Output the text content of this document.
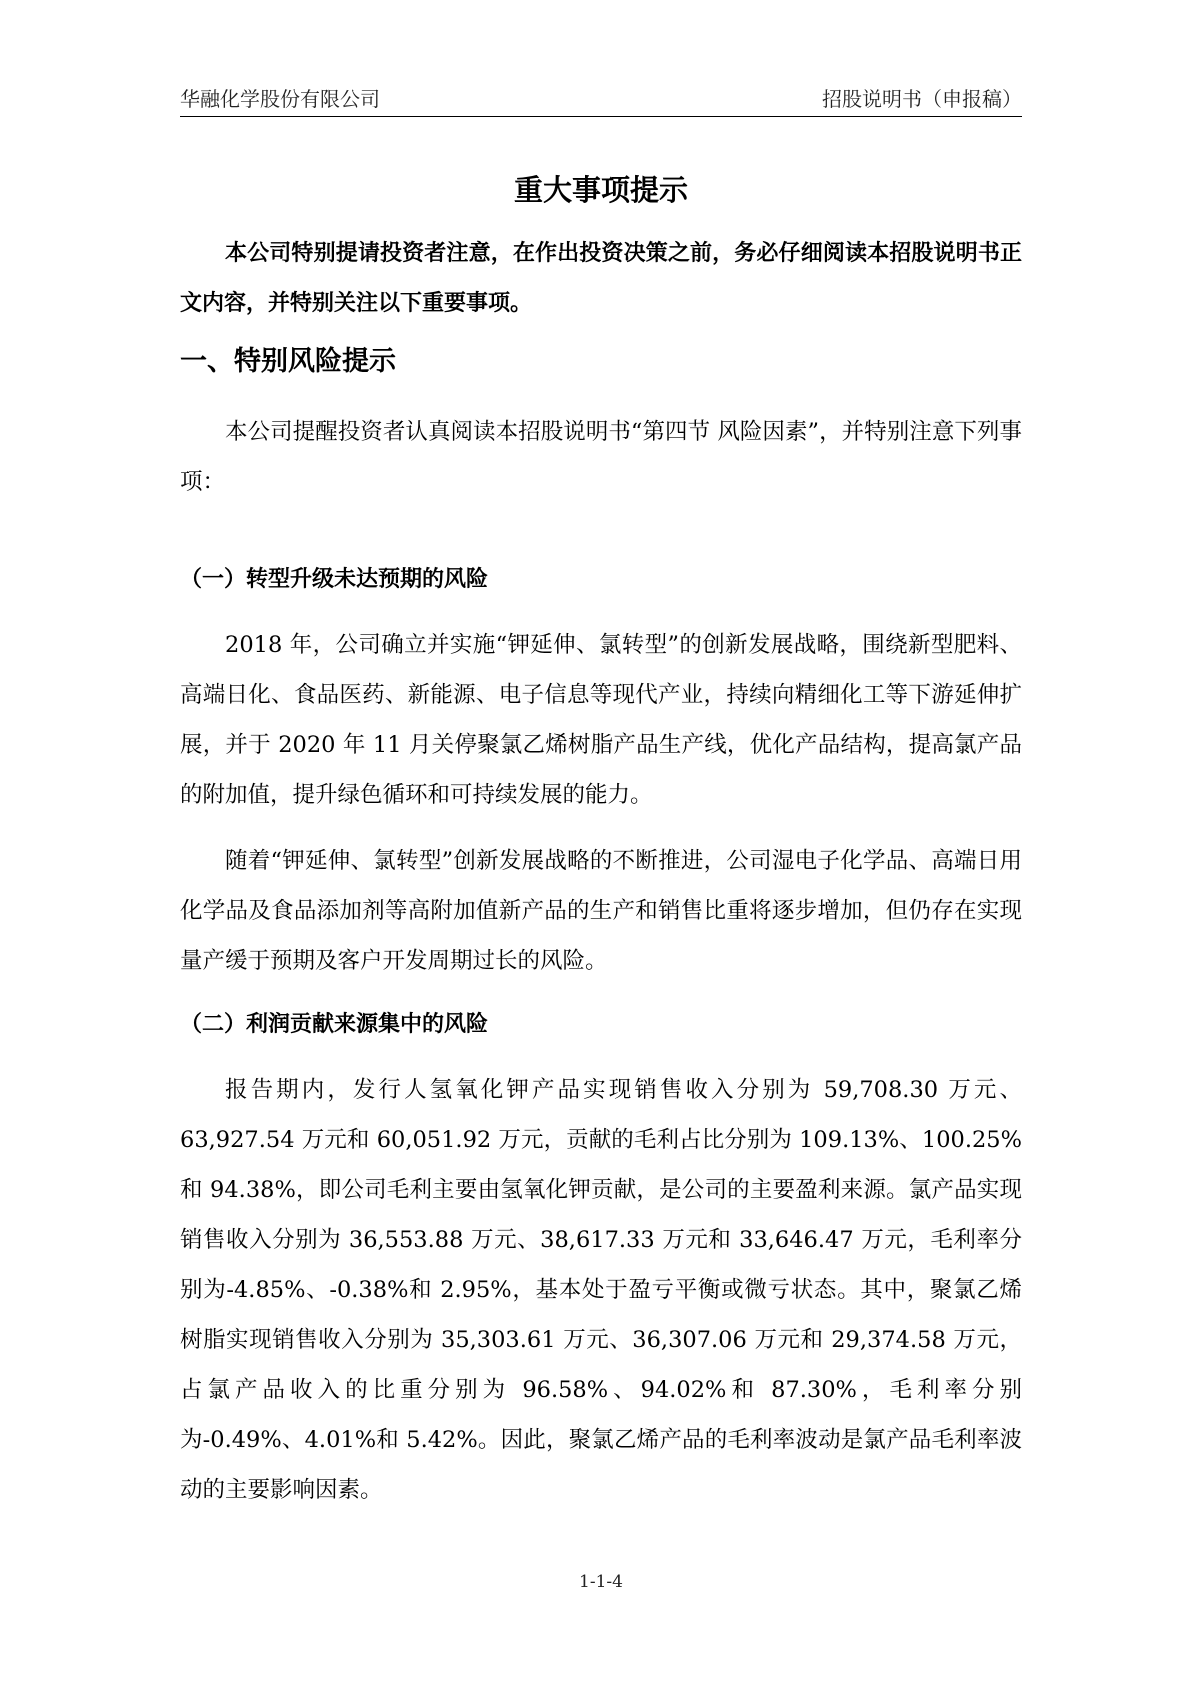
华融化学股份有限公司	招股说明书（申报稿）
重大事项提示

本公司特别提请投资者注意，在作出投资决策之前，务必仔细阅读本招股说明书正文内容，并特别关注以下重要事项。

一、特别风险提示

本公司提醒投资者认真阅读本招股说明书“第四节 风险因素”，并特别注意下列事项：

（一）转型升级未达预期的风险

2018 年，公司确立并实施“钾延伸、氯转型”的创新发展战略，围绕新型肥料、高端日化、食品医药、新能源、电子信息等现代产业，持续向精细化工等下游延伸扩展，并于 2020 年 11 月关停聚氯乙烯树脂产品生产线，优化产品结构，提高氯产品的附加值，提升绿色循环和可持续发展的能力。

随着“钾延伸、氯转型”创新发展战略的不断推进，公司湿电子化学品、高端日用化学品及食品添加剂等高附加值新产品的生产和销售比重将逐步增加，但仍存在实现量产缓于预期及客户开发周期过长的风险。

（二）利润贡献来源集中的风险

报告期内，发行人氢氧化钾产品实现销售收入分别为 59,708.30 万元、63,927.54 万元和 60,051.92 万元，贡献的毛利占比分别为 109.13%、100.25%和 94.38%，即公司毛利主要由氢氧化钾贡献，是公司的主要盈利来源。氯产品实现销售收入分别为 36,553.88 万元、38,617.33 万元和 33,646.47 万元，毛利率分别为-4.85%、-0.38%和 2.95%，基本处于盈亏平衡或微亏状态。其中，聚氯乙烯树脂实现销售收入分别为 35,303.61 万元、36,307.06 万元和 29,374.58 万元，占氯产品收入的比重分别为 96.58%、94.02%和 87.30%，毛利率分别为-0.49%、4.01%和 5.42%。因此，聚氯乙烯产品的毛利率波动是氯产品毛利率波动的主要影响因素。

1-1-4
